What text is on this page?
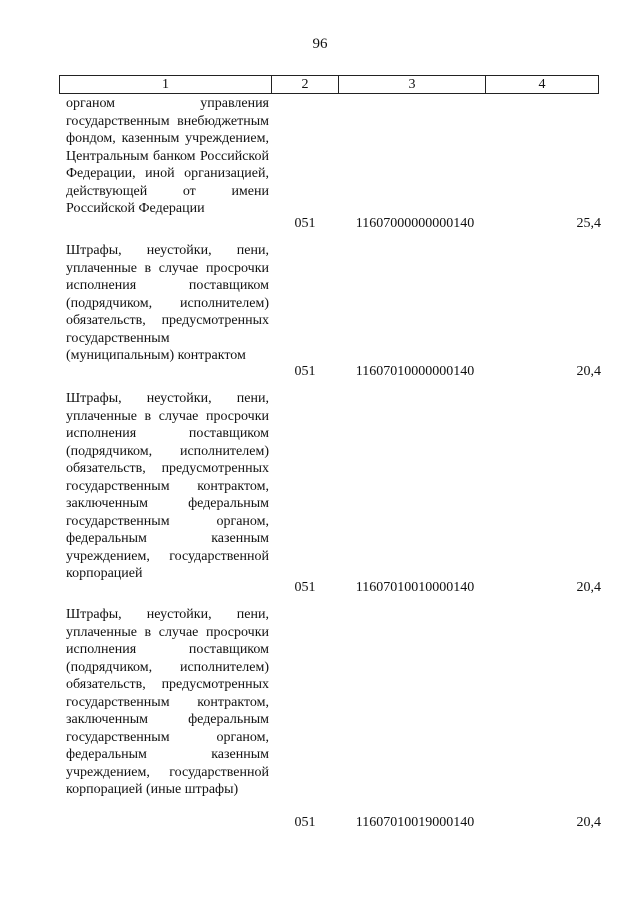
96
1	2	3	4
органом управления государственным внебюджетным фондом, казенным учреждением, Центральным банком Российской Федерации, иной организацией, действующей от имени Российской Федерации
051	11607000000000140	25,4
Штрафы, неустойки, пени, уплаченные в случае просрочки исполнения поставщиком (подрядчиком, исполнителем) обязательств, предусмотренных государственным (муниципальным) контрактом
051	11607010000000140	20,4
Штрафы, неустойки, пени, уплаченные в случае просрочки исполнения поставщиком (подрядчиком, исполнителем) обязательств, предусмотренных государственным контрактом, заключенным федеральным государственным органом, федеральным казенным учреждением, государственной корпорацией
051	11607010010000140	20,4
Штрафы, неустойки, пени, уплаченные в случае просрочки исполнения поставщиком (подрядчиком, исполнителем) обязательств, предусмотренных государственным контрактом, заключенным федеральным государственным органом, федеральным казенным учреждением, государственной корпорацией (иные штрафы)
051	11607010019000140	20,4
